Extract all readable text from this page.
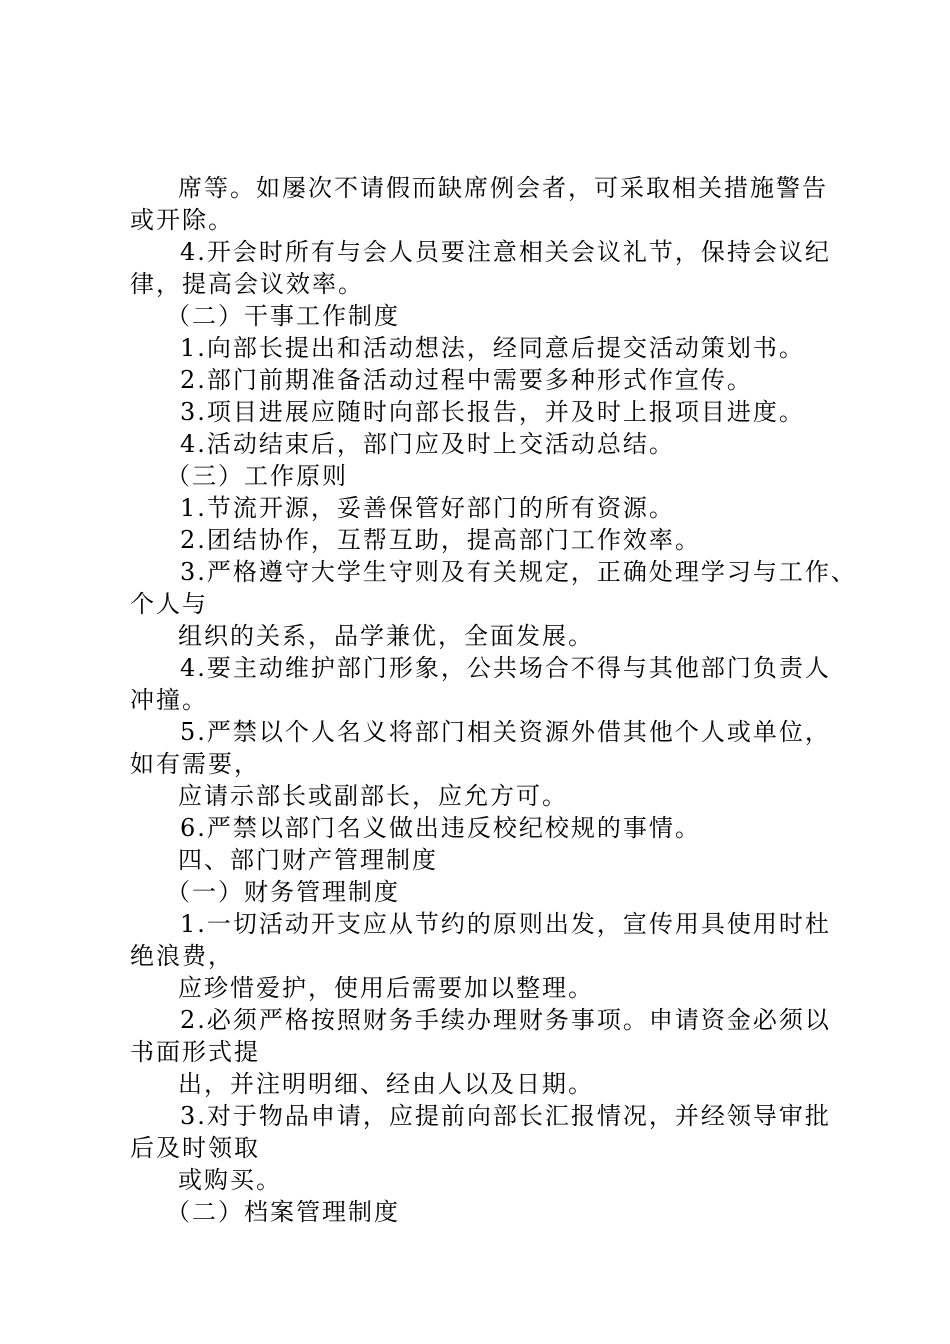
席等。如屡次不请假而缺席例会者，可采取相关措施警告
或开除。
4.开会时所有与会人员要注意相关会议礼节，保持会议纪
律，提高会议效率。
（二）干事工作制度
1.向部长提出和活动想法，经同意后提交活动策划书。
2.部门前期准备活动过程中需要多种形式作宣传。
3.项目进展应随时向部长报告，并及时上报项目进度。
4.活动结束后，部门应及时上交活动总结。
（三）工作原则
1.节流开源，妥善保管好部门的所有资源。
2.团结协作，互帮互助，提高部门工作效率。
3.严格遵守大学生守则及有关规定，正确处理学习与工作、
个人与
组织的关系，品学兼优，全面发展。
4.要主动维护部门形象，公共场合不得与其他部门负责人
冲撞。
5.严禁以个人名义将部门相关资源外借其他个人或单位，
如有需要，
应请示部长或副部长，应允方可。
6.严禁以部门名义做出违反校纪校规的事情。
四、部门财产管理制度
（一）财务管理制度
1.一切活动开支应从节约的原则出发，宣传用具使用时杜
绝浪费，
应珍惜爱护，使用后需要加以整理。
2.必须严格按照财务手续办理财务事项。申请资金必须以
书面形式提
出，并注明明细、经由人以及日期。
3.对于物品申请，应提前向部长汇报情况，并经领导审批
后及时领取
或购买。
（二）档案管理制度
